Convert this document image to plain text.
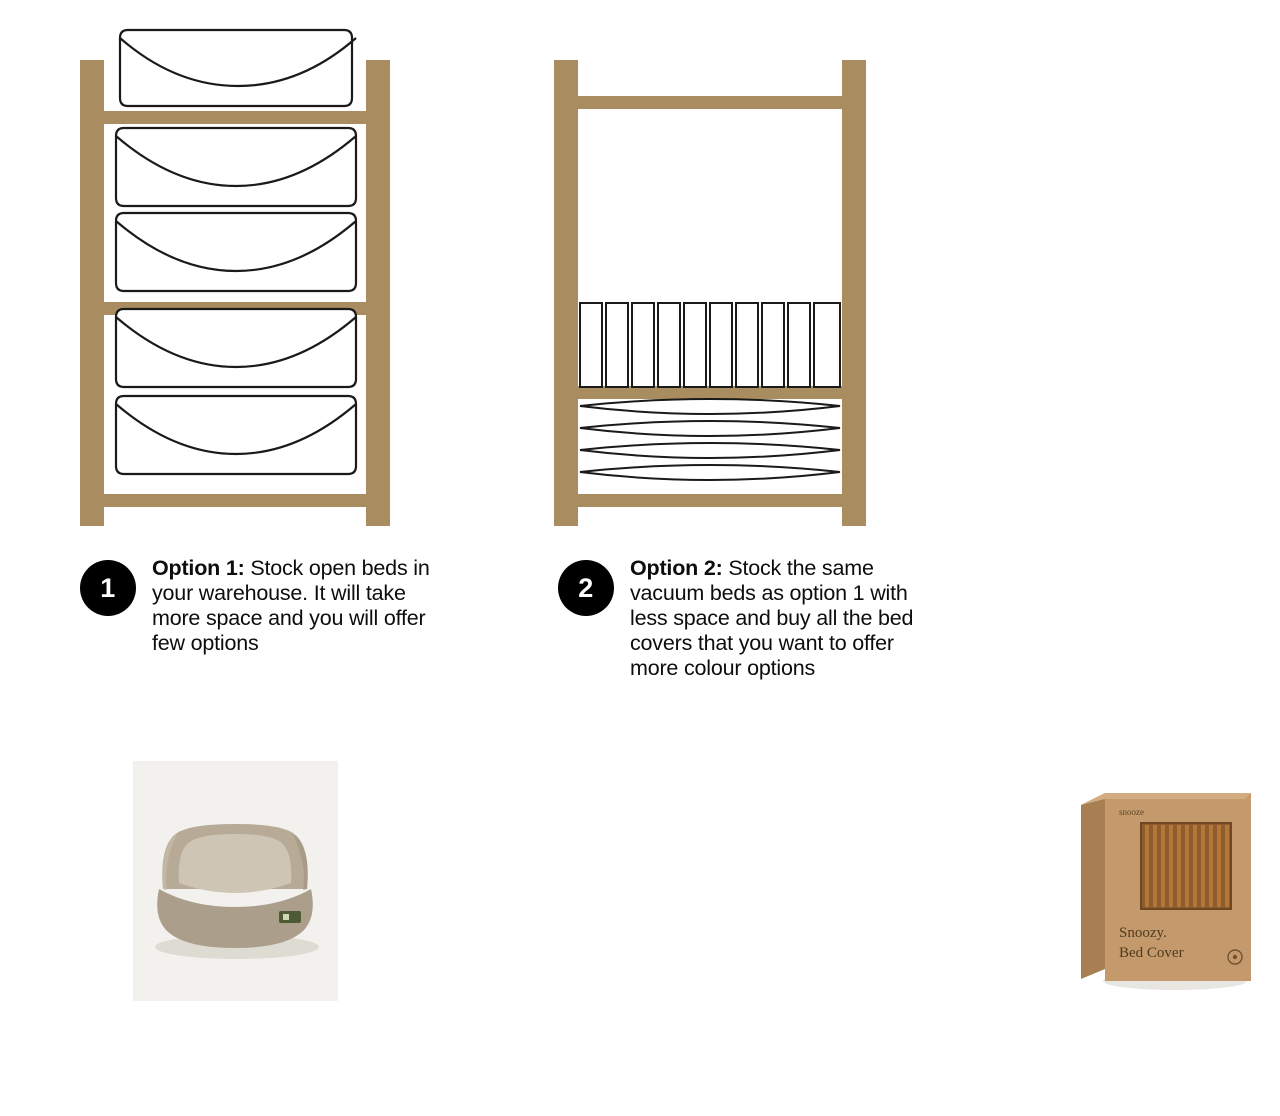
1
Option 1: Stock open beds in your warehouse. It will take more space and you will offer few options
2
Option 2: Stock the same vacuum beds as option 1 with less space and buy all the bed covers that you want to offer more colour options
snooze
Snoozy.
Bed Cover
